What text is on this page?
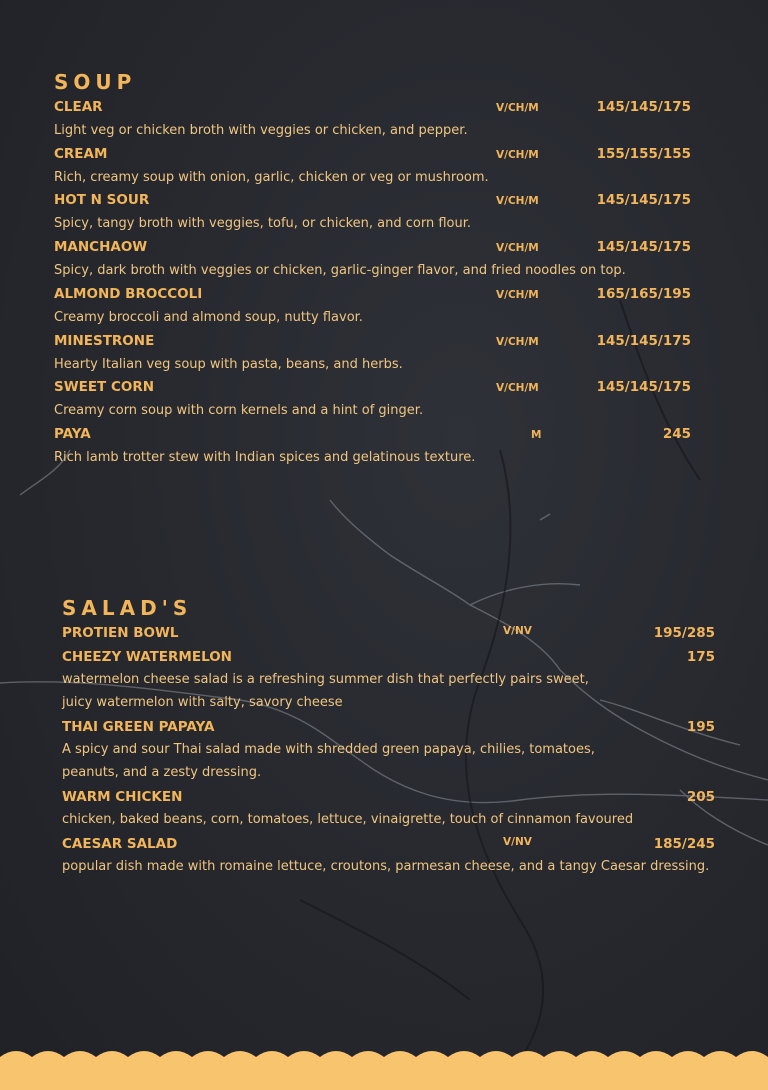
SOUP
CLEAR	V/CH/M	145/145/175
Light veg or chicken broth with veggies or chicken, and pepper.
CREAM	V/CH/M	155/155/155
Rich, creamy soup with onion, garlic, chicken or veg or mushroom.
HOT N SOUR	V/CH/M	145/145/175
Spicy, tangy broth with veggies, tofu, or chicken, and corn flour.
MANCHAOW	V/CH/M	145/145/175
Spicy, dark broth with veggies or chicken, garlic-ginger flavor, and fried noodles on top.
ALMOND BROCCOLI	V/CH/M	165/165/195
Creamy broccoli and almond soup, nutty flavor.
MINESTRONE	V/CH/M	145/145/175
Hearty Italian veg soup with pasta, beans, and herbs.
SWEET CORN	V/CH/M	145/145/175
Creamy corn soup with corn kernels and a hint of ginger.
PAYA	M	245
Rich lamb trotter stew with Indian spices and gelatinous texture.
SALAD'S
PROTIEN BOWL	V/NV	195/285
CHEEZY WATERMELON	175
watermelon cheese salad is a refreshing summer dish that perfectly pairs sweet,
juicy watermelon with salty, savory cheese
THAI GREEN PAPAYA	195
A spicy and sour Thai salad made with shredded green papaya, chilies, tomatoes,
peanuts, and a zesty dressing.
WARM CHICKEN	205
chicken, baked beans, corn, tomatoes, lettuce, vinaigrette, touch of cinnamon favoured
CAESAR SALAD	V/NV	185/245
popular dish made with romaine lettuce, croutons, parmesan cheese, and a tangy Caesar dressing.
